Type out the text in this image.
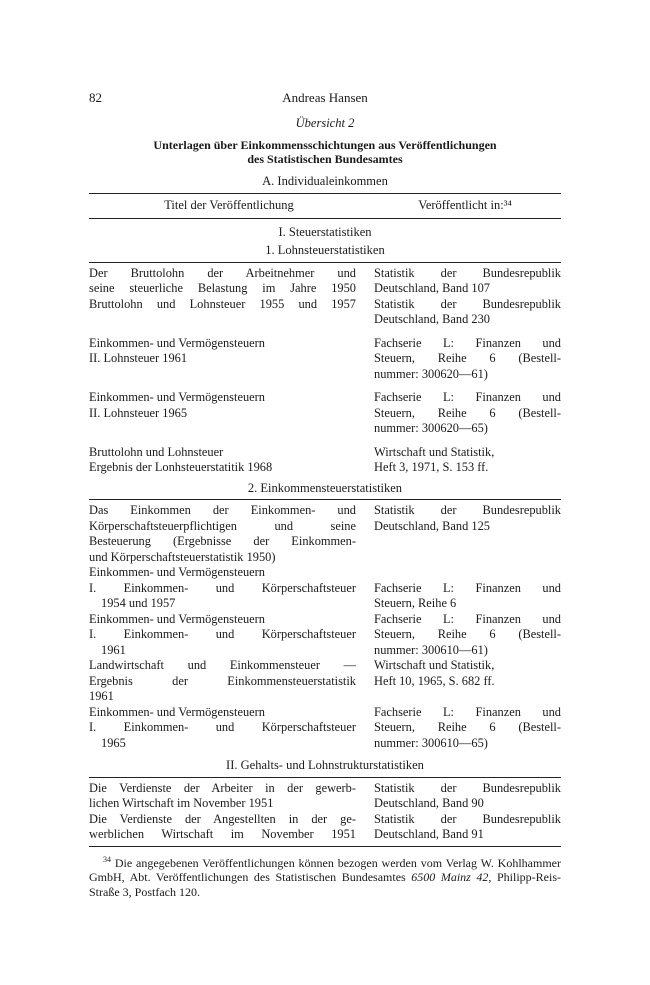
82	Andreas Hansen
Übersicht 2
Unterlagen über Einkommensschichtungen aus Veröffentlichungen
des Statistischen Bundesamtes
A. Individualeinkommen
Titel der Veröffentlichung	Veröffentlicht in:³⁴
I. Steuerstatistiken
1. Lohnsteuerstatistiken
Der Bruttolohn der Arbeitnehmer und
seine steuerliche Belastung im Jahre 1950
Statistik der Bundesrepublik
Deutschland, Band 107
Bruttolohn und Lohnsteuer 1955 und 1957 Statistik der Bundesrepublik
Deutschland, Band 230
Einkommen- und Vermögensteuern
II. Lohnsteuer 1961
Fachserie L: Finanzen und
Steuern, Reihe 6 (Bestell-
nummer: 300620—61)
Einkommen- und Vermögensteuern
II. Lohnsteuer 1965
Fachserie L: Finanzen und
Steuern, Reihe 6 (Bestell-
nummer: 300620—65)
Bruttolohn und Lohnsteuer
Ergebnis der Lonhsteuerstatitik 1968
Wirtschaft und Statistik,
Heft 3, 1971, S. 153 ff.
2. Einkommensteuerstatistiken
Das Einkommen der Einkommen- und
Körperschaftsteuerpflichtigen und seine
Besteuerung (Ergebnisse der Einkommen-
und Körperschaftsteuerstatistik 1950)
Statistik der Bundesrepublik
Deutschland, Band 125
Einkommen- und Vermögensteuern
I. Einkommen- und Körperschaftsteuer
1954 und 1957
Fachserie L: Finanzen und
Steuern, Reihe 6
Einkommen- und Vermögensteuern
I. Einkommen- und Körperschaftsteuer
1961
Fachserie L: Finanzen und
Steuern, Reihe 6 (Bestell-
nummer: 300610—61)
Landwirtschaft und Einkommensteuer —
Ergebnis der Einkommensteuerstatistik
1961
Wirtschaft und Statistik,
Heft 10, 1965, S. 682 ff.
Einkommen- und Vermögensteuern
I. Einkommen- und Körperschaftsteuer
1965
Fachserie L: Finanzen und
Steuern, Reihe 6 (Bestell-
nummer: 300610—65)
II. Gehalts- und Lohnstrukturstatistiken
Die Verdienste der Arbeiter in der gewerb-
lichen Wirtschaft im November 1951
Statistik der Bundesrepublik
Deutschland, Band 90
Die Verdienste der Angestellten in der ge-
werblichen Wirtschaft im November 1951
Statistik der Bundesrepublik
Deutschland, Band 91
$^{34}$ Die angegebenen Veröffentlichungen können bezogen werden vom Verlag W. Kohlhammer GmbH, Abt. Veröffentlichungen des Statistischen Bundesamtes 6500 Mainz 42, Philipp-Reis-Straße 3, Postfach 120.
